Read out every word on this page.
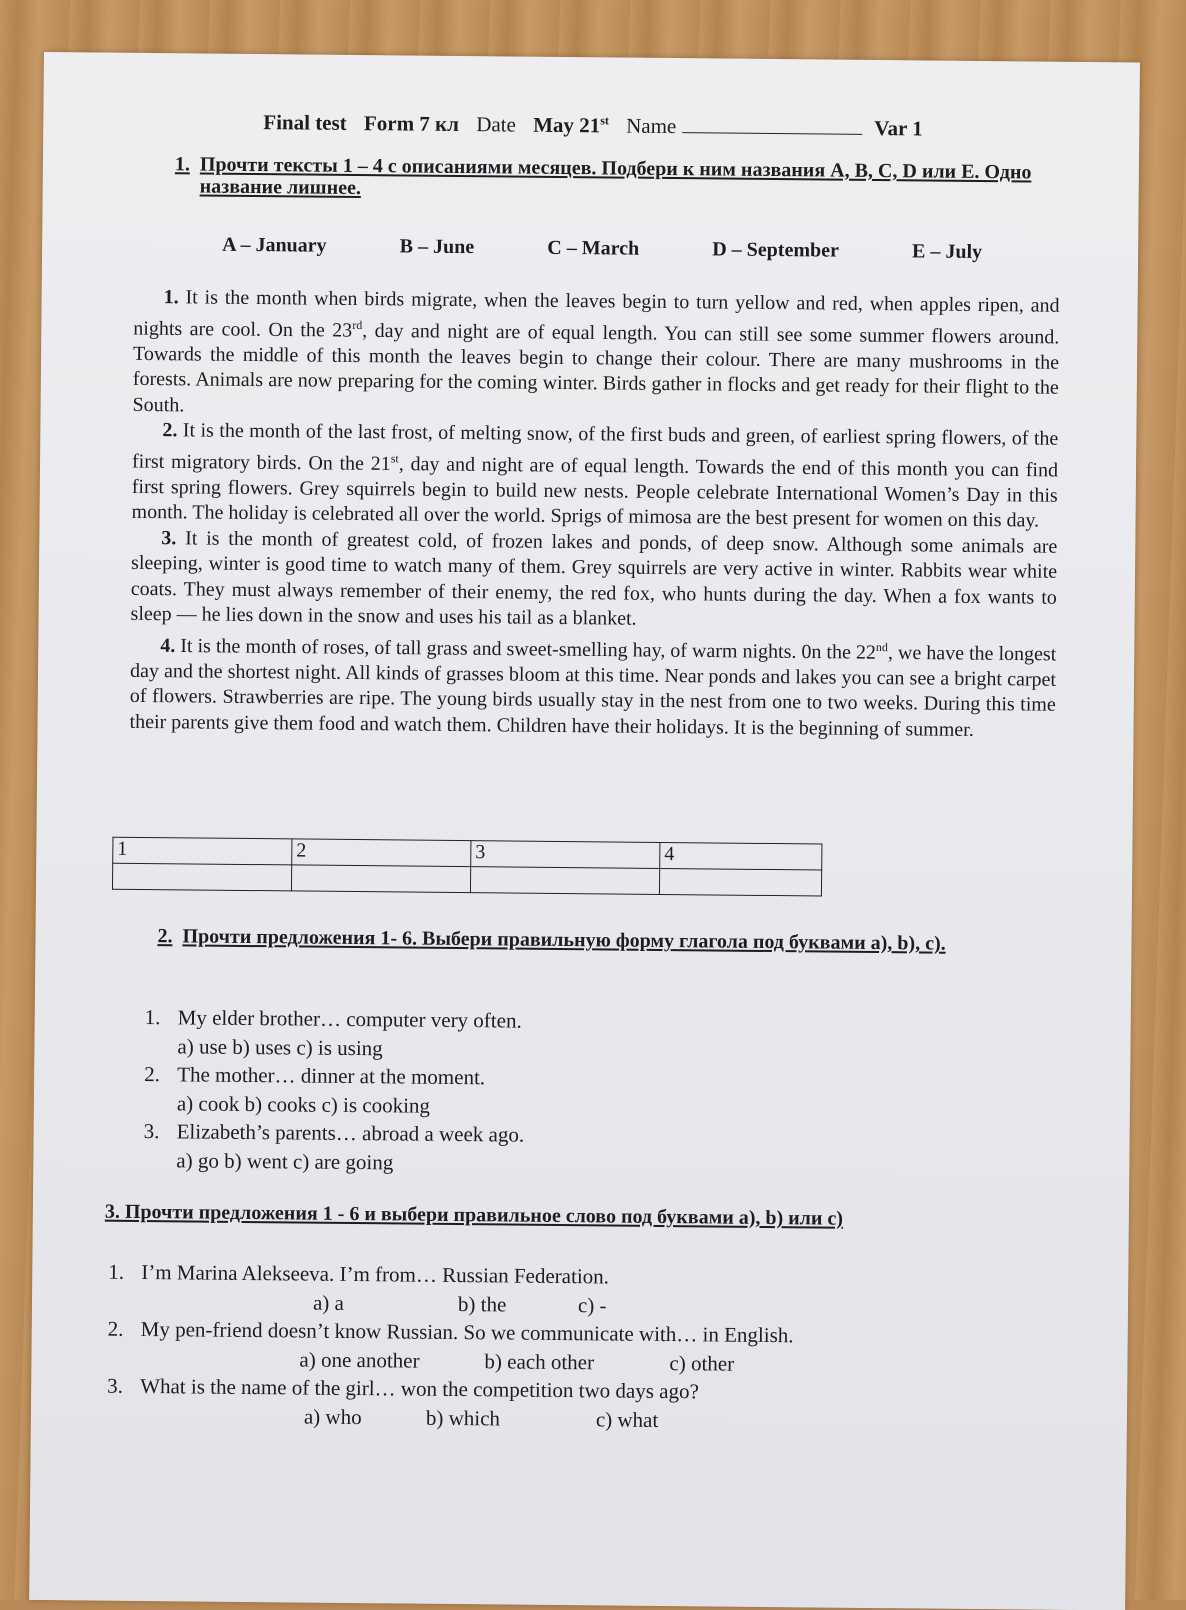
Final test Form 7 кл Date May 21st Name	Var 1
1. Прочти тексты 1 – 4 с описаниями месяцев. Подбери к ним названия A, B, C, D или E. Одно название лишнее.
A – January	B – June	C – March	D – September	E – July

1. It is the month when birds migrate, when the leaves begin to turn yellow and red, when apples ripen, and nights are cool. On the 23rd, day and night are of equal length. You can still see some summer flowers around. Towards the middle of this month the leaves begin to change their colour. There are many mushrooms in the forests. Animals are now preparing for the coming winter. Birds gather in flocks and get ready for their flight to the South.

2. It is the month of the last frost, of melting snow, of the first buds and green, of earliest spring flowers, of the first migratory birds. On the 21st, day and night are of equal length. Towards the end of this month you can find first spring flowers. Grey squirrels begin to build new nests. People celebrate International Women’s Day in this month. The holiday is celebrated all over the world. Sprigs of mimosa are the best present for women on this day.

3. It is the month of greatest cold, of frozen lakes and ponds, of deep snow. Although some animals are sleeping, winter is good time to watch many of them. Grey squirrels are very active in winter. Rabbits wear white coats. They must always remember of their enemy, the red fox, who hunts during the day. When a fox wants to sleep — he lies down in the snow and uses his tail as a blanket.

4. It is the month of roses, of tall grass and sweet-smelling hay, of warm nights. 0n the 22nd, we have the longest day and the shortest night. All kinds of grasses bloom at this time. Near ponds and lakes you can see a bright carpet of flowers. Strawberries are ripe. The young birds usually stay in the nest from one to two weeks. During this time their parents give them food and watch them. Children have their holidays. It is the beginning of summer.

1	2	3	4

2. Прочти предложения 1- 6. Выбери правильную форму глагола под буквами а), b), c).
1. My elder brother… computer very often.
a) use b) uses c) is using
2. The mother… dinner at the moment.
a) cook b) cooks c) is cooking
3. Elizabeth’s parents… abroad a week ago.
a) go b) went c) are going
3. Прочти предложения 1 - 6 и выбери правильное слово под буквами а), b) или c)
1. I’m Marina Alekseeva. I’m from… Russian Federation.
a) a	b) the	c) -
2. My pen-friend doesn’t know Russian. So we communicate with… in English.
a) one another	b) each other	c) other
3. What is the name of the girl… won the competition two days ago?
a) who	b) which	c) what
